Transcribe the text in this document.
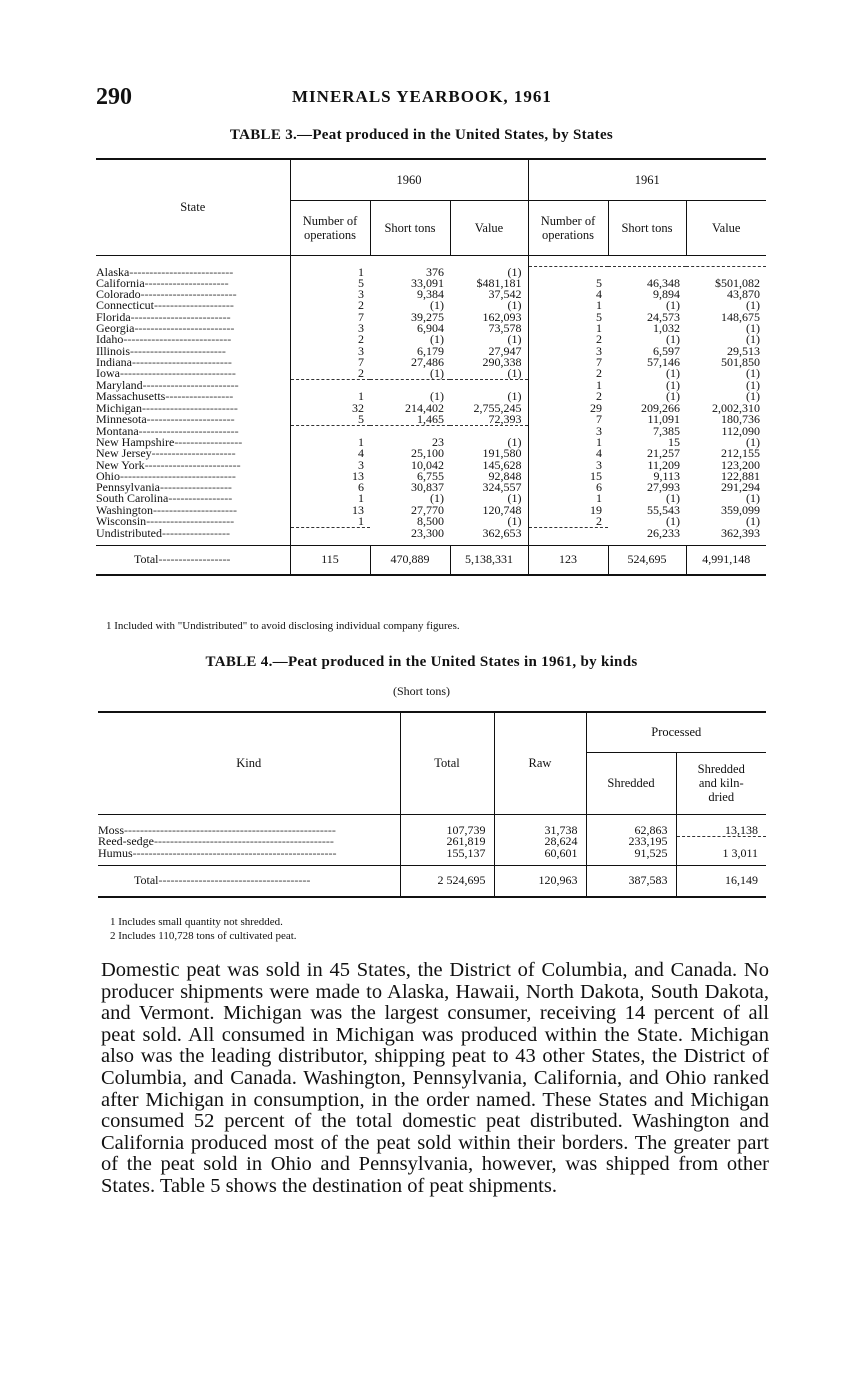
290	MINERALS YEARBOOK, 1961
TABLE 3.—Peat produced in the United States, by States
State	1960			1961		
	Number of operations	Short tons	Value	Number of operations	Short tons	Value

Alaska--------------------------	1	376	(1)			
California---------------------	5	33,091	$481,181	5	46,348	$501,082
Colorado------------------------	3	9,384	37,542	4	9,894	43,870
Connecticut--------------------	2	(1)	(1)	1	(1)	(1)
Florida-------------------------	7	39,275	162,093	5	24,573	148,675
Georgia-------------------------	3	6,904	73,578	1	1,032	(1)
Idaho---------------------------	2	(1)	(1)	2	(1)	(1)
Illinois------------------------	3	6,179	27,947	3	6,597	29,513
Indiana-------------------------	7	27,486	290,338	7	57,146	501,850
Iowa-----------------------------	2	(1)	(1)	2	(1)	(1)
Maryland------------------------				1	(1)	(1)
Massachusetts-----------------	1	(1)	(1)	2	(1)	(1)
Michigan------------------------	32	214,402	2,755,245	29	209,266	2,002,310
Minnesota----------------------	5	1,465	72,393	7	11,091	180,736
Montana-------------------------				3	7,385	112,090
New Hampshire-----------------	1	23	(1)	1	15	(1)
New Jersey---------------------	4	25,100	191,580	4	21,257	212,155
New York------------------------	3	10,042	145,628	3	11,209	123,200
Ohio-----------------------------	13	6,755	92,848	15	9,113	122,881
Pennsylvania------------------	6	30,837	324,557	6	27,993	291,294
South Carolina----------------	1	(1)	(1)	1	(1)	(1)
Washington---------------------	13	27,770	120,748	19	55,543	359,099
Wisconsin----------------------	1	8,500	(1)	2	(1)	(1)
Undistributed-----------------		23,300	362,653		26,233	362,393
Total------------------	115	470,889	5,138,331	123	524,695	4,991,148
1 Included with "Undistributed" to avoid disclosing individual company figures.
TABLE 4.—Peat produced in the United States in 1961, by kinds
(Short tons)
Kind	Total	Raw	Processed	
			Shredded	Shredded and kiln-dried

Moss-----------------------------------------------------	107,739	31,738	62,863	13,138
Reed-sedge---------------------------------------------	261,819	28,624	233,195	
Humus---------------------------------------------------	155,137	60,601	91,525	1 3,011
Total--------------------------------------	2 524,695	120,963	387,583	16,149
1 Includes small quantity not shredded.
2 Includes 110,728 tons of cultivated peat.
Domestic peat was sold in 45 States, the District of Columbia, and Canada. No producer shipments were made to Alaska, Hawaii, North Dakota, South Dakota, and Vermont. Michigan was the largest consumer, receiving 14 percent of all peat sold. All consumed in Michigan was produced within the State. Michigan also was the leading distributor, shipping peat to 43 other States, the District of Columbia, and Canada. Washington, Pennsylvania, California, and Ohio ranked after Michigan in consumption, in the order named. These States and Michigan consumed 52 percent of the total domestic peat distributed. Washington and California produced most of the peat sold within their borders. The greater part of the peat sold in Ohio and Pennsylvania, however, was shipped from other States. Table 5 shows the destination of peat shipments.
